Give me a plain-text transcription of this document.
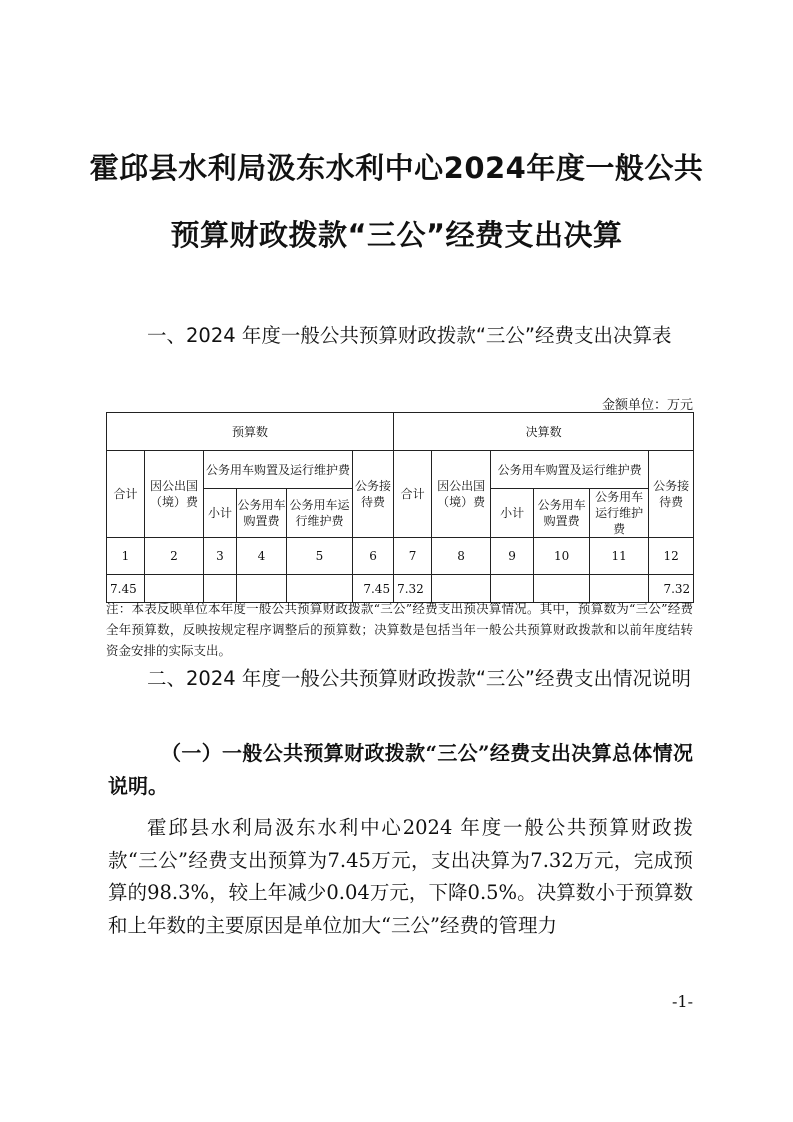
霍邱县水利局汲东水利中心2024年度一般公共
预算财政拨款“三公”经费支出决算
一、2024 年度一般公共预算财政拨款“三公”经费支出决算表
金额单位：万元
预算数						决算数					
合计	因公出国（境）费	公务用车购置及运行维护费			公务接待费	合计	因公出国（境）费	公务用车购置及运行维护费			公务接待费
		小计	公务用车购置费	公务用车运行维护费				小计	公务用车购置费	公务用车运行维护费	
1	2	3	4	5	6	7	8	9	10	11	12
7.45					7.45	7.32					7.32
注：本表反映单位本年度一般公共预算财政拨款“三公”经费支出预决算情况。其中，预算数为“三公”经费全年预算数，反映按规定程序调整后的预算数；决算数是包括当年一般公共预算财政拨款和以前年度结转资金安排的实际支出。
二、2024 年度一般公共预算财政拨款“三公”经费支出情况说明
（一）一般公共预算财政拨款“三公”经费支出决算总体情况说明。
霍邱县水利局汲东水利中心2024 年度一般公共预算财政拨款“三公”经费支出预算为7.45万元，支出决算为7.32万元，完成预算的98.3%，较上年减少0.04万元，下降0.5%。决算数小于预算数和上年数的主要原因是单位加大“三公”经费的管理力
-1-
